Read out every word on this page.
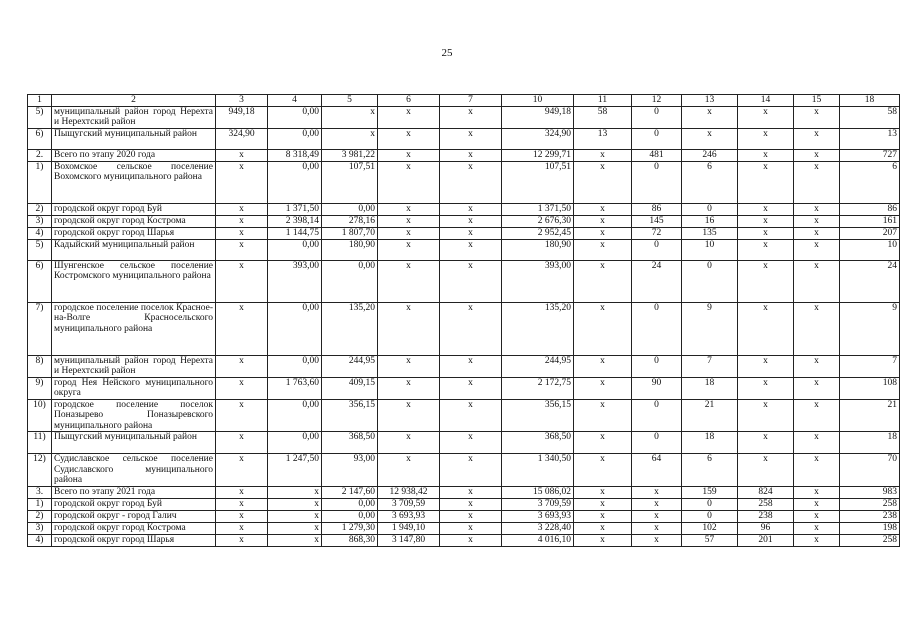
25
1	2	3	4	5	6	7	10	11	12	13	14	15	18
5)	муниципальный район город Нерехта и Нерехтский район	949,18	0,00	x	x	x	949,18	58	0	x	x	x	58
6)	Пыщугский муниципальный район	324,90	0,00	x	x	x	324,90	13	0	x	x	x	13
2.	Всего по этапу 2020 года	x	8 318,49	3 981,22	x	x	12 299,71	x	481	246	x	x	727
1)	Вохомское сельское поселение Вохомского муниципального района	x	0,00	107,51	x	x	107,51	x	0	6	x	x	6
2)	городской округ город Буй	x	1 371,50	0,00	x	x	1 371,50	x	86	0	x	x	86
3)	городской округ город Кострома	x	2 398,14	278,16	x	x	2 676,30	x	145	16	x	x	161
4)	городской округ город Шарья	x	1 144,75	1 807,70	x	x	2 952,45	x	72	135	x	x	207
5)	Кадыйский муниципальный район	x	0,00	180,90	x	x	180,90	x	0	10	x	x	10
6)	Шунгенское сельское поселение Костромского муниципального района	x	393,00	0,00	x	x	393,00	x	24	0	x	x	24
7)	городское поселение поселок Красное-на-Волге Красносельского муниципального района	x	0,00	135,20	x	x	135,20	x	0	9	x	x	9
8)	муниципальный район город Нерехта и Нерехтский район	x	0,00	244,95	x	x	244,95	x	0	7	x	x	7
9)	город Нея Нейского муниципального округа	x	1 763,60	409,15	x	x	2 172,75	x	90	18	x	x	108
10)	городское поселение поселок Поназырево Поназыревского муниципального района	x	0,00	356,15	x	x	356,15	x	0	21	x	x	21
11)	Пыщугский муниципальный район	x	0,00	368,50	x	x	368,50	x	0	18	x	x	18
12)	Судиславское сельское поселение Судиславского муниципального района	x	1 247,50	93,00	x	x	1 340,50	x	64	6	x	x	70
3.	Всего по этапу 2021 года	x	x	2 147,60	12 938,42	x	15 086,02	x	x	159	824	x	983
1)	городской округ город Буй	x	x	0,00	3 709,59	x	3 709,59	x	x	0	258	x	258
2)	городской округ - город Галич	x	x	0,00	3 693,93	x	3 693,93	x	x	0	238	x	238
3)	городской округ город Кострома	x	x	1 279,30	1 949,10	x	3 228,40	x	x	102	96	x	198
4)	городской округ город Шарья	x	x	868,30	3 147,80	x	4 016,10	x	x	57	201	x	258
